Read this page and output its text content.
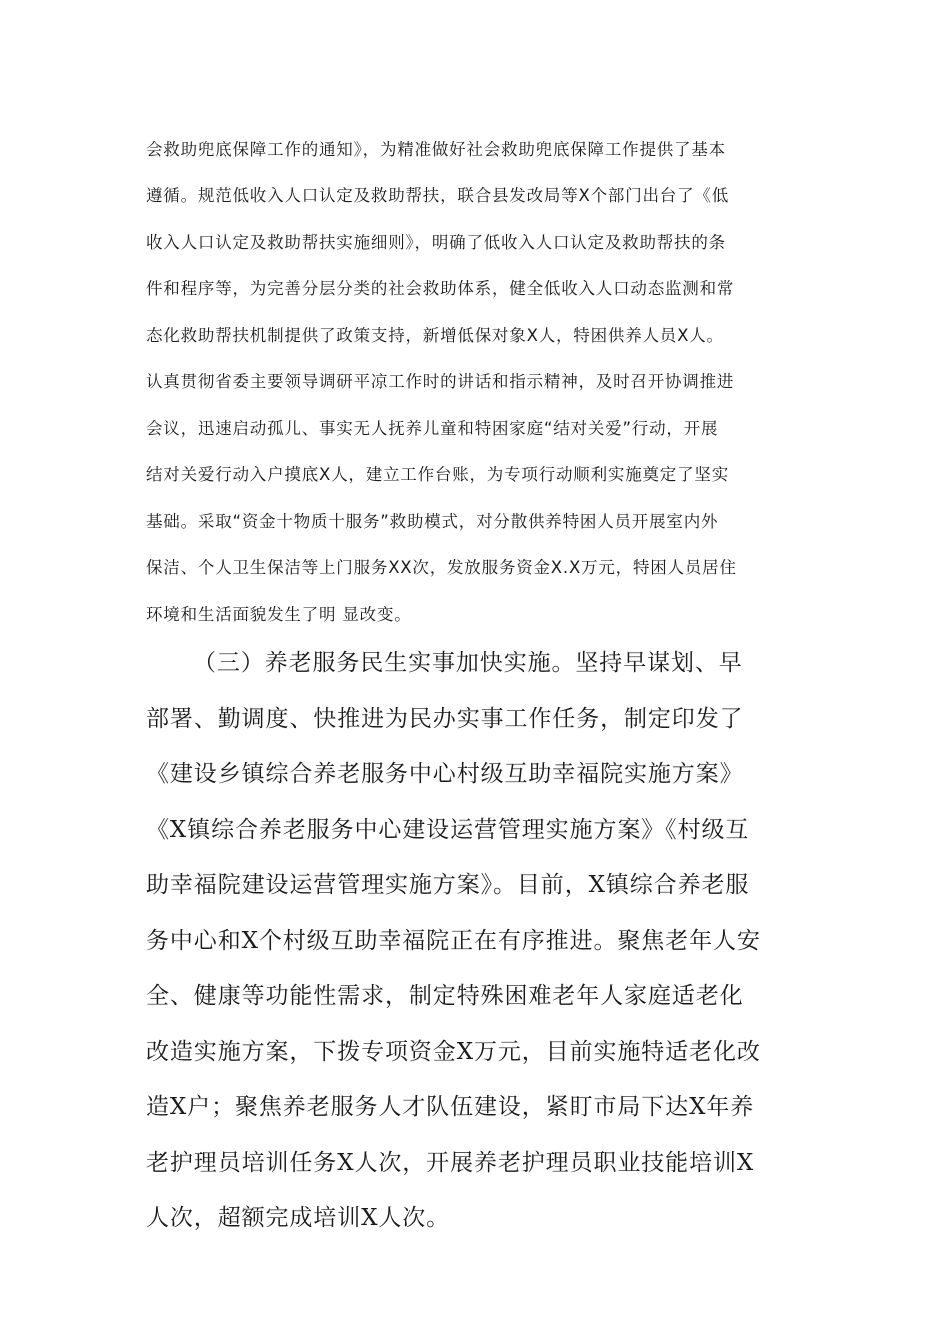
会救助兜底保障工作的通知》，为精准做好社会救助兜底保障工作提供了基本

遵循。规范低收入人口认定及救助帮扶，联合县发改局等X个部门出台了《低

收入人口认定及救助帮扶实施细则》，明确了低收入人口认定及救助帮扶的条

件和程序等，为完善分层分类的社会救助体系，健全低收入人口动态监测和常

态化救助帮扶机制提供了政策支持，新增低保对象X人，特困供养人员X人。

认真贯彻省委主要领导调研平凉工作时的讲话和指示精神，及时召开协调推进

会议，迅速启动孤儿、事实无人抚养儿童和特困家庭“结对关爱”行动，开展

结对关爱行动入户摸底X人，建立工作台账，为专项行动顺利实施奠定了坚实

基础。采取“资金十物质十服务”救助模式，对分散供养特困人员开展室内外

保洁、个人卫生保洁等上门服务XX次，发放服务资金X.X万元，特困人员居住

环境和生活面貌发生了明 显改变。

（三）养老服务民生实事加快实施。坚持早谋划、早

部署、勤调度、快推进为民办实事工作任务，制定印发了

《建设乡镇综合养老服务中心村级互助幸福院实施方案》

《X镇综合养老服务中心建设运营管理实施方案》《村级互

助幸福院建设运营管理实施方案》。目前，X镇综合养老服

务中心和X个村级互助幸福院正在有序推进。聚焦老年人安

全、健康等功能性需求，制定特殊困难老年人家庭适老化

改造实施方案，下拨专项资金X万元，目前实施特适老化改

造X户；聚焦养老服务人才队伍建设，紧盯市局下达X年养

老护理员培训任务X人次，开展养老护理员职业技能培训X

人次，超额完成培训X人次。
